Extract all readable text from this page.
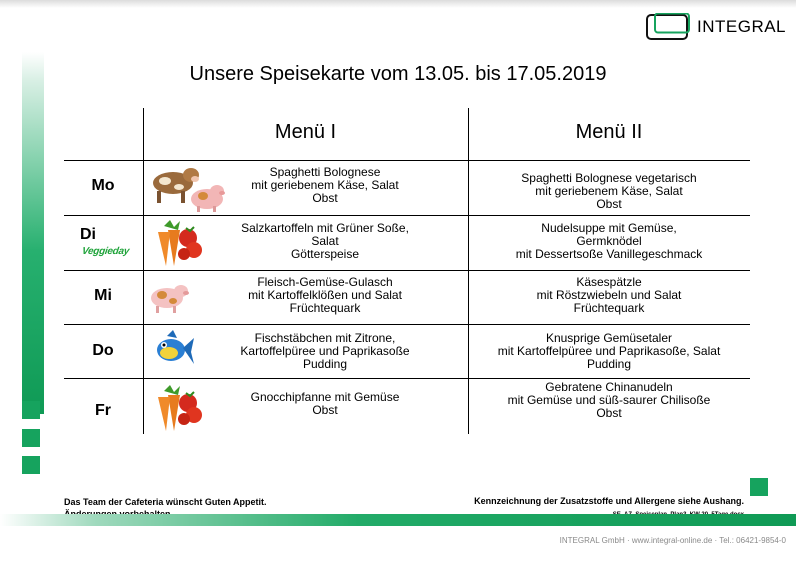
INTEGRAL
Unsere Speisekarte vom 13.05. bis 17.05.2019
Menü I	Menü II
Mo
Spaghetti Bolognese
mit geriebenem Käse, Salat
Obst
Spaghetti Bolognese vegetarisch
mit geriebenem Käse, Salat
Obst
Di
Veggieday
Salzkartoffeln mit Grüner Soße,
Salat
Götterspeise
Nudelsuppe mit Gemüse,
Germknödel
mit Dessertsoße Vanillegeschmack
Mi
Fleisch-Gemüse-Gulasch
mit Kartoffelklößen und Salat
Früchtequark
Käsespätzle
mit Röstzwiebeln und Salat
Früchtequark
Do
Fischstäbchen mit Zitrone,
Kartoffelpüree und Paprikasoße
Pudding
Knusprige Gemüsetaler
mit Kartoffelpüree und Paprikasoße, Salat
Pudding
Fr
Gnocchipfanne mit Gemüse
Obst
Gebratene Chinanudeln
mit Gemüse und süß-saurer Chilisoße
Obst
Das Team der Cafeteria wünscht Guten Appetit.	Kennzeichnung der Zusatzstoffe und Allergene siehe Aushang.
INTEGRAL GmbH · www.integral-online.de · Tel.: 06421-9854-0
